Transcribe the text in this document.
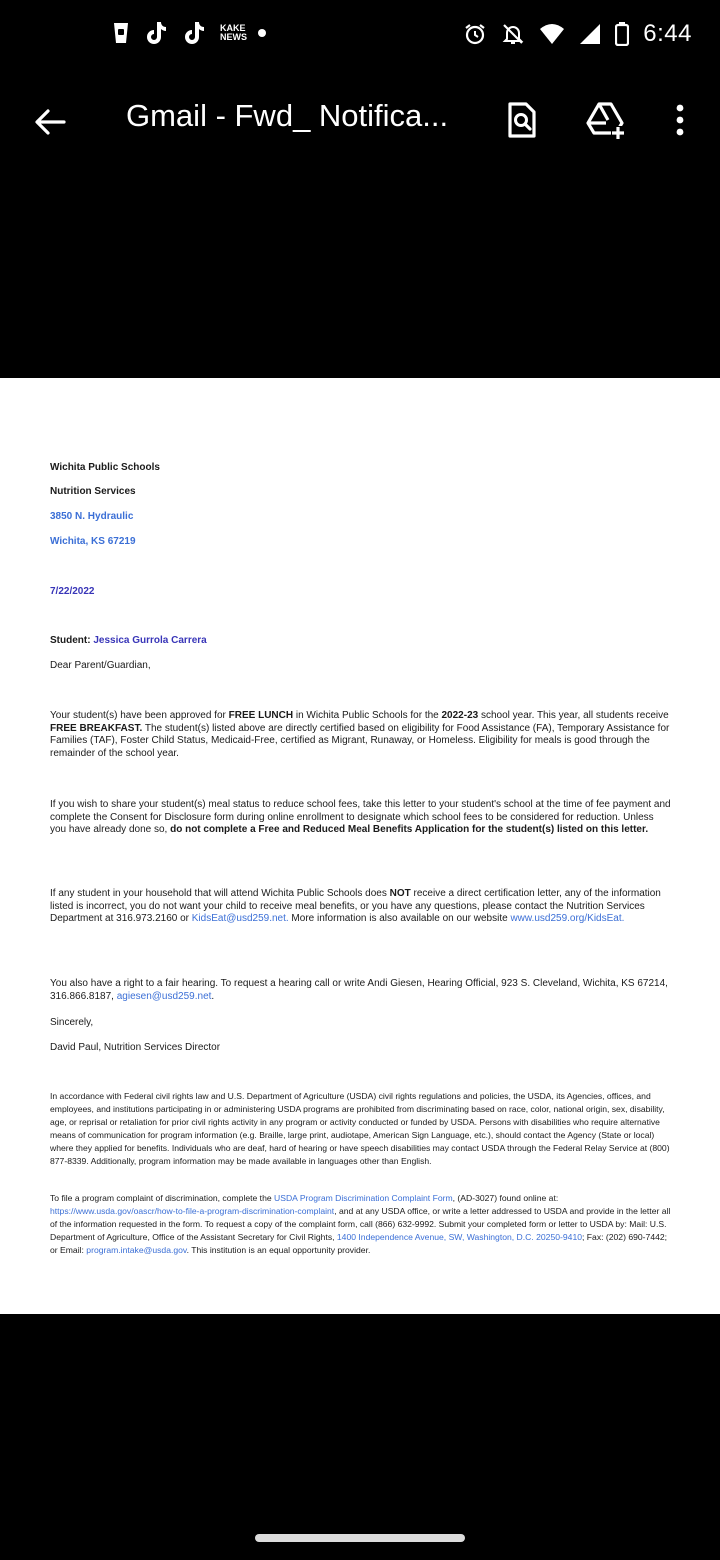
KAKE NEWS	6:44
Gmail - Fwd_ Notifica...
Wichita Public Schools
Nutrition Services
3850 N. Hydraulic
Wichita, KS 67219
7/22/2022
Student: Jessica Gurrola Carrera
Dear Parent/Guardian,
Your student(s) have been approved for FREE LUNCH in Wichita Public Schools for the 2022-23 school year. This year, all students receive FREE BREAKFAST. The student(s) listed above are directly certified based on eligibility for Food Assistance (FA), Temporary Assistance for Families (TAF), Foster Child Status, Medicaid-Free, certified as Migrant, Runaway, or Homeless. Eligibility for meals is good through the remainder of the school year.
If you wish to share your student(s) meal status to reduce school fees, take this letter to your student's school at the time of fee payment and complete the Consent for Disclosure form during online enrollment to designate which school fees to be considered for reduction. Unless you have already done so, do not complete a Free and Reduced Meal Benefits Application for the student(s) listed on this letter.
If any student in your household that will attend Wichita Public Schools does NOT receive a direct certification letter, any of the information listed is incorrect, you do not want your child to receive meal benefits, or you have any questions, please contact the Nutrition Services Department at 316.973.2160 or KidsEat@usd259.net. More information is also available on our website www.usd259.org/KidsEat.
You also have a right to a fair hearing. To request a hearing call or write Andi Giesen, Hearing Official, 923 S. Cleveland, Wichita, KS 67214, 316.866.8187, agiesen@usd259.net.
Sincerely,
David Paul, Nutrition Services Director
In accordance with Federal civil rights law and U.S. Department of Agriculture (USDA) civil rights regulations and policies, the USDA, its Agencies, offices, and employees, and institutions participating in or administering USDA programs are prohibited from discriminating based on race, color, national origin, sex, disability, age, or reprisal or retaliation for prior civil rights activity in any program or activity conducted or funded by USDA. Persons with disabilities who require alternative means of communication for program information (e.g. Braille, large print, audiotape, American Sign Language, etc.), should contact the Agency (State or local) where they applied for benefits. Individuals who are deaf, hard of hearing or have speech disabilities may contact USDA through the Federal Relay Service at (800) 877-8339. Additionally, program information may be made available in languages other than English.
To file a program complaint of discrimination, complete the USDA Program Discrimination Complaint Form, (AD-3027) found online at: https://www.usda.gov/oascr/how-to-file-a-program-discrimination-complaint, and at any USDA office, or write a letter addressed to USDA and provide in the letter all of the information requested in the form. To request a copy of the complaint form, call (866) 632-9992. Submit your completed form or letter to USDA by: Mail: U.S. Department of Agriculture, Office of the Assistant Secretary for Civil Rights, 1400 Independence Avenue, SW, Washington, D.C. 20250-9410; Fax: (202) 690-7442; or Email: program.intake@usda.gov. This institution is an equal opportunity provider.
